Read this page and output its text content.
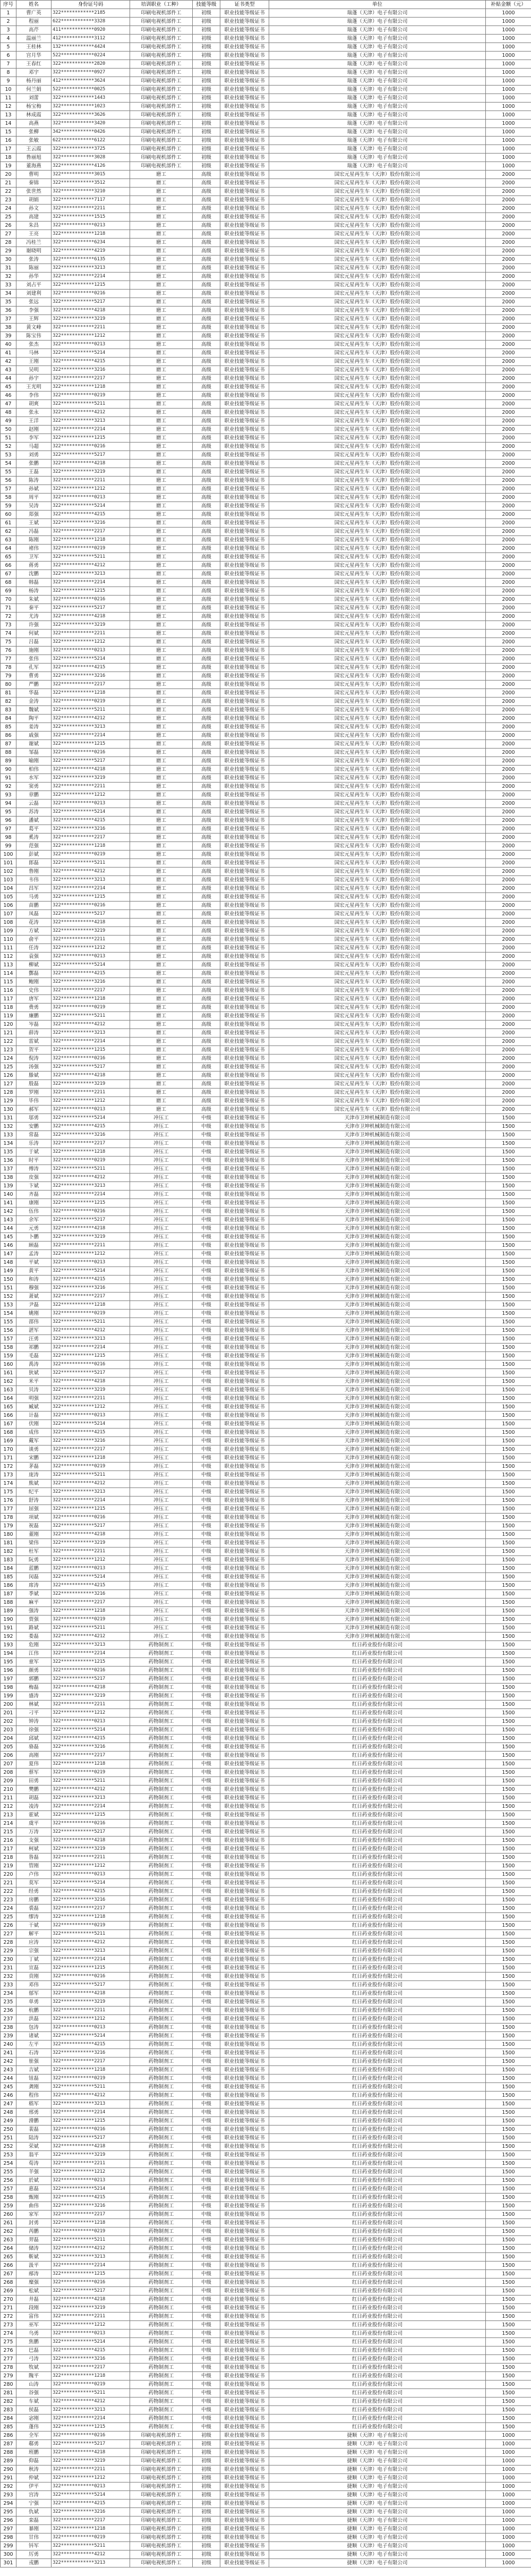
序号	姓名	身份证号码	培训职业（工种）	技能等级	证书类型	单位	补贴金额（元）
1	曹广英	322************2185	印刷电视机部件工	初级	职业技能等级证书	瑞蓬（天津）电子有限公司	1000
2	程丽	622************3328	印刷电视机部件工	初级	职业技能等级证书	瑞蓬（天津）电子有限公司	1000
3	高芹	411************0920	印刷电视机部件工	初级	职业技能等级证书	瑞蓬（天津）电子有限公司	1000
4	温丽兰	412************3112	印刷电视机部件工	初级	职业技能等级证书	瑞蓬（天津）电子有限公司	1000
5	王桂林	132************4424	印刷电视机部件工	初级	职业技能等级证书	瑞蓬（天津）电子有限公司	1000
6	宫月华	522************0224	印刷电视机部件工	初级	职业技能等级证书	瑞蓬（天津）电子有限公司	1000
7	王春红	322************2820	印刷电视机部件工	初级	职业技能等级证书	瑞蓬（天津）电子有限公司	1000
8	邓宇	322************0927	印刷电视机部件工	初级	职业技能等级证书	瑞蓬（天津）电子有限公司	1000
9	杨丹丽	412************3624	印刷电视机部件工	初级	职业技能等级证书	瑞蓬（天津）电子有限公司	1000
10	何兰娟	522************0025	印刷电视机部件工	初级	职业技能等级证书	瑞蓬（天津）电子有限公司	1000
11	刘蕾	322************1443	印刷电视机部件工	初级	职业技能等级证书	瑞蓬（天津）电子有限公司	1000
12	杨宝梅	322************1023	印刷电视机部件工	初级	职业技能等级证书	瑞蓬（天津）电子有限公司	1000
13	林成霞	322************3626	印刷电视机部件工	初级	职业技能等级证书	瑞蓬（天津）电子有限公司	1000
14	高燕	322************3420	印刷电视机部件工	初级	职业技能等级证书	瑞蓬（天津）电子有限公司	1000
15	张柳	342************0426	印刷电视机部件工	初级	职业技能等级证书	瑞蓬（天津）电子有限公司	1000
16	张敏	622************6122	印刷电视机部件工	初级	职业技能等级证书	瑞蓬（天津）电子有限公司	1000
17	王云霞	322************3725	印刷电视机部件工	初级	职业技能等级证书	瑞蓬（天津）电子有限公司	1000
18	鲁丽旭	322************3028	印刷电视机部件工	初级	职业技能等级证书	瑞蓬（天津）电子有限公司	1000
19	董海燕	322************4126	印刷电视机部件工	初级	职业技能等级证书	瑞蓬（天津）电子有限公司	1000
20	曹明	322************3015	磨工	高级	职业技能等级证书	国宏元星再生车（天津）股份有限公司	2000
21	秦锦	322************3512	磨工	高级	职业技能等级证书	国宏元星再生车（天津）股份有限公司	2000
22	张世然	322************3210	磨工	高级	职业技能等级证书	国宏元星再生车（天津）股份有限公司	2000
23	胡娟	322************7117	磨工	高级	职业技能等级证书	国宏元星再生车（天津）股份有限公司	2000
24	孙文	322************2211	磨工	高级	职业技能等级证书	国宏元星再生车（天津）股份有限公司	2000
25	高建	322************1515	磨工	高级	职业技能等级证书	国宏元星再生车（天津）股份有限公司	2000
26	朱昌	322************0213	磨工	高级	职业技能等级证书	国宏元星再生车（天津）股份有限公司	2000
27	王亮	322************1218	磨工	高级	职业技能等级证书	国宏元星再生车（天津）股份有限公司	2000
28	冯桂兰	322************6234	磨工	高级	职业技能等级证书	国宏元星再生车（天津）股份有限公司	2000
29	谢晓明	322************4219	磨工	高级	职业技能等级证书	国宏元星再生车（天津）股份有限公司	2000
30	张涛	322************6135	磨工	高级	职业技能等级证书	国宏元星再生车（天津）股份有限公司	2000
31	陈丽	322************3213	磨工	高级	职业技能等级证书	国宏元星再生车（天津）股份有限公司	2000
32	孙华	322************2214	磨工	高级	职业技能等级证书	国宏元星再生车（天津）股份有限公司	2000
33	刘占平	322************1215	磨工	高级	职业技能等级证书	国宏元星再生车（天津）股份有限公司	2000
34	刘建利	322************0216	磨工	高级	职业技能等级证书	国宏元星再生车（天津）股份有限公司	2000
35	张远	322************5217	磨工	高级	职业技能等级证书	国宏元星再生车（天津）股份有限公司	2000
36	李强	322************4218	磨工	高级	职业技能等级证书	国宏元星再生车（天津）股份有限公司	2000
37	王辉	322************3219	磨工	高级	职业技能等级证书	国宏元星再生车（天津）股份有限公司	2000
38	黄文峰	322************2211	磨工	高级	职业技能等级证书	国宏元星再生车（天津）股份有限公司	2000
39	陈宝伟	322************1212	磨工	高级	职业技能等级证书	国宏元星再生车（天津）股份有限公司	2000
40	张杰	322************0213	磨工	高级	职业技能等级证书	国宏元星再生车（天津）股份有限公司	2000
41	马林	322************5214	磨工	高级	职业技能等级证书	国宏元星再生车（天津）股份有限公司	2000
42	王刚	322************4215	磨工	高级	职业技能等级证书	国宏元星再生车（天津）股份有限公司	2000
43	吴明	322************3216	磨工	高级	职业技能等级证书	国宏元星再生车（天津）股份有限公司	2000
44	孙宇	322************2217	磨工	高级	职业技能等级证书	国宏元星再生车（天津）股份有限公司	2000
45	王光明	322************1218	磨工	高级	职业技能等级证书	国宏元星再生车（天津）股份有限公司	2000
46	李伟	322************0219	磨工	高级	职业技能等级证书	国宏元星再生车（天津）股份有限公司	2000
47	胡爽	322************5211	磨工	高级	职业技能等级证书	国宏元星再生车（天津）股份有限公司	2000
48	张永	322************4212	磨工	高级	职业技能等级证书	国宏元星再生车（天津）股份有限公司	2000
49	王洋	322************3213	磨工	高级	职业技能等级证书	国宏元星再生车（天津）股份有限公司	2000
50	赵刚	322************2214	磨工	高级	职业技能等级证书	国宏元星再生车（天津）股份有限公司	2000
51	李军	322************1215	磨工	高级	职业技能等级证书	国宏元星再生车（天津）股份有限公司	2000
52	马超	322************0216	磨工	高级	职业技能等级证书	国宏元星再生车（天津）股份有限公司	2000
53	刘勇	322************5217	磨工	高级	职业技能等级证书	国宏元星再生车（天津）股份有限公司	2000
54	张鹏	322************4218	磨工	高级	职业技能等级证书	国宏元星再生车（天津）股份有限公司	2000
55	王磊	322************3219	磨工	高级	职业技能等级证书	国宏元星再生车（天津）股份有限公司	2000
56	陈涛	322************2211	磨工	高级	职业技能等级证书	国宏元星再生车（天津）股份有限公司	2000
57	孙斌	322************1212	磨工	高级	职业技能等级证书	国宏元星再生车（天津）股份有限公司	2000
58	周平	322************0213	磨工	高级	职业技能等级证书	国宏元星再生车（天津）股份有限公司	2000
59	吴涛	322************5214	磨工	高级	职业技能等级证书	国宏元星再生车（天津）股份有限公司	2000
60	郑强	322************4215	磨工	高级	职业技能等级证书	国宏元星再生车（天津）股份有限公司	2000
61	王斌	322************3216	磨工	高级	职业技能等级证书	国宏元星再生车（天津）股份有限公司	2000
62	冯磊	322************2217	磨工	高级	职业技能等级证书	国宏元星再生车（天津）股份有限公司	2000
63	陈刚	322************1218	磨工	高级	职业技能等级证书	国宏元星再生车（天津）股份有限公司	2000
64	褚伟	322************0219	磨工	高级	职业技能等级证书	国宏元星再生车（天津）股份有限公司	2000
65	卫军	322************5211	磨工	高级	职业技能等级证书	国宏元星再生车（天津）股份有限公司	2000
66	蒋勇	322************4212	磨工	高级	职业技能等级证书	国宏元星再生车（天津）股份有限公司	2000
67	沈鹏	322************3213	磨工	高级	职业技能等级证书	国宏元星再生车（天津）股份有限公司	2000
68	韩磊	322************2214	磨工	高级	职业技能等级证书	国宏元星再生车（天津）股份有限公司	2000
69	杨涛	322************1215	磨工	高级	职业技能等级证书	国宏元星再生车（天津）股份有限公司	2000
70	朱斌	322************0216	磨工	高级	职业技能等级证书	国宏元星再生车（天津）股份有限公司	2000
71	秦平	322************5217	磨工	高级	职业技能等级证书	国宏元星再生车（天津）股份有限公司	2000
72	尤涛	322************4218	磨工	高级	职业技能等级证书	国宏元星再生车（天津）股份有限公司	2000
73	许强	322************3219	磨工	高级	职业技能等级证书	国宏元星再生车（天津）股份有限公司	2000
74	何斌	322************2211	磨工	高级	职业技能等级证书	国宏元星再生车（天津）股份有限公司	2000
75	吕磊	322************1212	磨工	高级	职业技能等级证书	国宏元星再生车（天津）股份有限公司	2000
76	施刚	322************0213	磨工	高级	职业技能等级证书	国宏元星再生车（天津）股份有限公司	2000
77	张伟	322************5214	磨工	高级	职业技能等级证书	国宏元星再生车（天津）股份有限公司	2000
78	孔军	322************4215	磨工	高级	职业技能等级证书	国宏元星再生车（天津）股份有限公司	2000
79	曹勇	322************3216	磨工	高级	职业技能等级证书	国宏元星再生车（天津）股份有限公司	2000
80	严鹏	322************2217	磨工	高级	职业技能等级证书	国宏元星再生车（天津）股份有限公司	2000
81	华磊	322************1218	磨工	高级	职业技能等级证书	国宏元星再生车（天津）股份有限公司	2000
82	金涛	322************0219	磨工	高级	职业技能等级证书	国宏元星再生车（天津）股份有限公司	2000
83	魏斌	322************5211	磨工	高级	职业技能等级证书	国宏元星再生车（天津）股份有限公司	2000
84	陶平	322************4212	磨工	高级	职业技能等级证书	国宏元星再生车（天津）股份有限公司	2000
85	姜涛	322************3213	磨工	高级	职业技能等级证书	国宏元星再生车（天津）股份有限公司	2000
86	戚强	322************2214	磨工	高级	职业技能等级证书	国宏元星再生车（天津）股份有限公司	2000
87	谢斌	322************1215	磨工	高级	职业技能等级证书	国宏元星再生车（天津）股份有限公司	2000
88	邹磊	322************0216	磨工	高级	职业技能等级证书	国宏元星再生车（天津）股份有限公司	2000
89	喻刚	322************5217	磨工	高级	职业技能等级证书	国宏元星再生车（天津）股份有限公司	2000
90	柏伟	322************4218	磨工	高级	职业技能等级证书	国宏元星再生车（天津）股份有限公司	2000
91	水军	322************3219	磨工	高级	职业技能等级证书	国宏元星再生车（天津）股份有限公司	2000
92	窦勇	322************2211	磨工	高级	职业技能等级证书	国宏元星再生车（天津）股份有限公司	2000
93	章鹏	322************1212	磨工	高级	职业技能等级证书	国宏元星再生车（天津）股份有限公司	2000
94	云磊	322************0213	磨工	高级	职业技能等级证书	国宏元星再生车（天津）股份有限公司	2000
95	苏涛	322************5214	磨工	高级	职业技能等级证书	国宏元星再生车（天津）股份有限公司	2000
96	潘斌	322************4215	磨工	高级	职业技能等级证书	国宏元星再生车（天津）股份有限公司	2000
97	葛平	322************3216	磨工	高级	职业技能等级证书	国宏元星再生车（天津）股份有限公司	2000
98	奚涛	322************2217	磨工	高级	职业技能等级证书	国宏元星再生车（天津）股份有限公司	2000
99	范强	322************1218	磨工	高级	职业技能等级证书	国宏元星再生车（天津）股份有限公司	2000
100	彭斌	322************0219	磨工	高级	职业技能等级证书	国宏元星再生车（天津）股份有限公司	2000
101	郎磊	322************5211	磨工	高级	职业技能等级证书	国宏元星再生车（天津）股份有限公司	2000
102	鲁刚	322************4212	磨工	高级	职业技能等级证书	国宏元星再生车（天津）股份有限公司	2000
103	韦伟	322************3213	磨工	高级	职业技能等级证书	国宏元星再生车（天津）股份有限公司	2000
104	昌军	322************2214	磨工	高级	职业技能等级证书	国宏元星再生车（天津）股份有限公司	2000
105	马勇	322************1215	磨工	高级	职业技能等级证书	国宏元星再生车（天津）股份有限公司	2000
106	苗鹏	322************0216	磨工	高级	职业技能等级证书	国宏元星再生车（天津）股份有限公司	2000
107	凤磊	322************5217	磨工	高级	职业技能等级证书	国宏元星再生车（天津）股份有限公司	2000
108	花涛	322************4218	磨工	高级	职业技能等级证书	国宏元星再生车（天津）股份有限公司	2000
109	方斌	322************3219	磨工	高级	职业技能等级证书	国宏元星再生车（天津）股份有限公司	2000
110	俞平	322************2211	磨工	高级	职业技能等级证书	国宏元星再生车（天津）股份有限公司	2000
111	任涛	322************1212	磨工	高级	职业技能等级证书	国宏元星再生车（天津）股份有限公司	2000
112	袁强	322************0213	磨工	高级	职业技能等级证书	国宏元星再生车（天津）股份有限公司	2000
113	柳斌	322************5214	磨工	高级	职业技能等级证书	国宏元星再生车（天津）股份有限公司	2000
114	酆磊	322************4215	磨工	高级	职业技能等级证书	国宏元星再生车（天津）股份有限公司	2000
115	鲍刚	322************3216	磨工	高级	职业技能等级证书	国宏元星再生车（天津）股份有限公司	2000
116	史伟	322************2217	磨工	高级	职业技能等级证书	国宏元星再生车（天津）股份有限公司	2000
117	唐军	322************1218	磨工	高级	职业技能等级证书	国宏元星再生车（天津）股份有限公司	2000
118	费勇	322************0219	磨工	高级	职业技能等级证书	国宏元星再生车（天津）股份有限公司	2000
119	廉鹏	322************5211	磨工	高级	职业技能等级证书	国宏元星再生车（天津）股份有限公司	2000
120	岑磊	322************4212	磨工	高级	职业技能等级证书	国宏元星再生车（天津）股份有限公司	2000
121	薛涛	322************3213	磨工	高级	职业技能等级证书	国宏元星再生车（天津）股份有限公司	2000
122	雷斌	322************2214	磨工	高级	职业技能等级证书	国宏元星再生车（天津）股份有限公司	2000
123	贺平	322************1215	磨工	高级	职业技能等级证书	国宏元星再生车（天津）股份有限公司	2000
124	倪涛	322************0216	磨工	高级	职业技能等级证书	国宏元星再生车（天津）股份有限公司	2000
125	汤强	322************5217	磨工	高级	职业技能等级证书	国宏元星再生车（天津）股份有限公司	2000
126	滕斌	322************4218	磨工	高级	职业技能等级证书	国宏元星再生车（天津）股份有限公司	2000
127	殷磊	322************3219	磨工	高级	职业技能等级证书	国宏元星再生车（天津）股份有限公司	2000
128	罗刚	322************2211	磨工	高级	职业技能等级证书	国宏元星再生车（天津）股份有限公司	2000
129	毕伟	322************1212	磨工	高级	职业技能等级证书	国宏元星再生车（天津）股份有限公司	2000
130	郝军	322************0213	磨工	高级	职业技能等级证书	国宏元星再生车（天津）股份有限公司	2000
131	邬勇	322************5214	冲压工	中级	职业技能等级证书	天津市卫坤机械制造有限公司	1500
132	安鹏	322************4215	冲压工	中级	职业技能等级证书	天津市卫坤机械制造有限公司	1500
133	常磊	322************3216	冲压工	中级	职业技能等级证书	天津市卫坤机械制造有限公司	1500
134	乐涛	322************2217	冲压工	中级	职业技能等级证书	天津市卫坤机械制造有限公司	1500
135	于斌	322************1218	冲压工	中级	职业技能等级证书	天津市卫坤机械制造有限公司	1500
136	时平	322************0219	冲压工	中级	职业技能等级证书	天津市卫坤机械制造有限公司	1500
137	傅涛	322************5211	冲压工	中级	职业技能等级证书	天津市卫坤机械制造有限公司	1500
138	皮强	322************4212	冲压工	中级	职业技能等级证书	天津市卫坤机械制造有限公司	1500
139	卞斌	322************3213	冲压工	中级	职业技能等级证书	天津市卫坤机械制造有限公司	1500
140	齐磊	322************2214	冲压工	中级	职业技能等级证书	天津市卫坤机械制造有限公司	1500
141	康刚	322************1215	冲压工	中级	职业技能等级证书	天津市卫坤机械制造有限公司	1500
142	伍伟	322************0216	冲压工	中级	职业技能等级证书	天津市卫坤机械制造有限公司	1500
143	余军	322************5217	冲压工	中级	职业技能等级证书	天津市卫坤机械制造有限公司	1500
144	元勇	322************4218	冲压工	中级	职业技能等级证书	天津市卫坤机械制造有限公司	1500
145	卜鹏	322************3219	冲压工	中级	职业技能等级证书	天津市卫坤机械制造有限公司	1500
146	顾磊	322************2211	冲压工	中级	职业技能等级证书	天津市卫坤机械制造有限公司	1500
147	孟涛	322************1212	冲压工	中级	职业技能等级证书	天津市卫坤机械制造有限公司	1500
148	平斌	322************0213	冲压工	中级	职业技能等级证书	天津市卫坤机械制造有限公司	1500
149	黄平	322************5214	冲压工	中级	职业技能等级证书	天津市卫坤机械制造有限公司	1500
150	和涛	322************4215	冲压工	中级	职业技能等级证书	天津市卫坤机械制造有限公司	1500
151	穆强	322************3216	冲压工	中级	职业技能等级证书	天津市卫坤机械制造有限公司	1500
152	萧斌	322************2217	冲压工	中级	职业技能等级证书	天津市卫坤机械制造有限公司	1500
153	尹磊	322************1218	冲压工	中级	职业技能等级证书	天津市卫坤机械制造有限公司	1500
154	姚刚	322************0219	冲压工	中级	职业技能等级证书	天津市卫坤机械制造有限公司	1500
155	邵伟	322************5211	冲压工	中级	职业技能等级证书	天津市卫坤机械制造有限公司	1500
156	湛军	322************4212	冲压工	中级	职业技能等级证书	天津市卫坤机械制造有限公司	1500
157	汪勇	322************3213	冲压工	中级	职业技能等级证书	天津市卫坤机械制造有限公司	1500
158	祁鹏	322************2214	冲压工	中级	职业技能等级证书	天津市卫坤机械制造有限公司	1500
159	毛磊	322************1215	冲压工	中级	职业技能等级证书	天津市卫坤机械制造有限公司	1500
160	禹涛	322************0216	冲压工	中级	职业技能等级证书	天津市卫坤机械制造有限公司	1500
161	狄斌	322************5217	冲压工	中级	职业技能等级证书	天津市卫坤机械制造有限公司	1500
162	米平	322************4218	冲压工	中级	职业技能等级证书	天津市卫坤机械制造有限公司	1500
163	贝涛	322************3219	冲压工	中级	职业技能等级证书	天津市卫坤机械制造有限公司	1500
164	明强	322************2211	冲压工	中级	职业技能等级证书	天津市卫坤机械制造有限公司	1500
165	臧斌	322************1212	冲压工	中级	职业技能等级证书	天津市卫坤机械制造有限公司	1500
166	计磊	322************0213	冲压工	中级	职业技能等级证书	天津市卫坤机械制造有限公司	1500
167	伏刚	322************5214	冲压工	中级	职业技能等级证书	天津市卫坤机械制造有限公司	1500
168	成伟	322************4215	冲压工	中级	职业技能等级证书	天津市卫坤机械制造有限公司	1500
169	戴军	322************3216	冲压工	中级	职业技能等级证书	天津市卫坤机械制造有限公司	1500
170	谈勇	322************2217	冲压工	中级	职业技能等级证书	天津市卫坤机械制造有限公司	1500
171	宋鹏	322************1218	冲压工	中级	职业技能等级证书	天津市卫坤机械制造有限公司	1500
172	茅磊	322************0219	冲压工	中级	职业技能等级证书	天津市卫坤机械制造有限公司	1500
173	庞涛	322************5211	冲压工	中级	职业技能等级证书	天津市卫坤机械制造有限公司	1500
174	熊斌	322************4212	冲压工	中级	职业技能等级证书	天津市卫坤机械制造有限公司	1500
175	纪平	322************3213	冲压工	中级	职业技能等级证书	天津市卫坤机械制造有限公司	1500
176	舒涛	322************2214	冲压工	中级	职业技能等级证书	天津市卫坤机械制造有限公司	1500
177	屈强	322************1215	冲压工	中级	职业技能等级证书	天津市卫坤机械制造有限公司	1500
178	项斌	322************0216	冲压工	中级	职业技能等级证书	天津市卫坤机械制造有限公司	1500
179	祝磊	322************5217	冲压工	中级	职业技能等级证书	天津市卫坤机械制造有限公司	1500
180	董刚	322************4218	冲压工	中级	职业技能等级证书	天津市卫坤机械制造有限公司	1500
181	梁伟	322************3219	冲压工	中级	职业技能等级证书	天津市卫坤机械制造有限公司	1500
182	杜军	322************2211	冲压工	中级	职业技能等级证书	天津市卫坤机械制造有限公司	1500
183	阮勇	322************1212	冲压工	中级	职业技能等级证书	天津市卫坤机械制造有限公司	1500
184	蓝鹏	322************0213	冲压工	中级	职业技能等级证书	天津市卫坤机械制造有限公司	1500
185	闵磊	322************5214	冲压工	中级	职业技能等级证书	天津市卫坤机械制造有限公司	1500
186	席涛	322************4215	冲压工	中级	职业技能等级证书	天津市卫坤机械制造有限公司	1500
187	季斌	322************3216	冲压工	中级	职业技能等级证书	天津市卫坤机械制造有限公司	1500
188	麻平	322************2217	冲压工	中级	职业技能等级证书	天津市卫坤机械制造有限公司	1500
189	强涛	322************1218	冲压工	中级	职业技能等级证书	天津市卫坤机械制造有限公司	1500
190	贾强	322************0219	冲压工	中级	职业技能等级证书	天津市卫坤机械制造有限公司	1500
191	路斌	322************5211	冲压工	中级	职业技能等级证书	天津市卫坤机械制造有限公司	1500
192	娄磊	322************4212	冲压工	中级	职业技能等级证书	天津市卫坤机械制造有限公司	1500
193	危刚	322************3213	药物制剂工	中级	职业技能等级证书	红日药业股份有限公司	1500
194	江伟	322************2214	药物制剂工	中级	职业技能等级证书	红日药业股份有限公司	1500
195	童军	322************1215	药物制剂工	中级	职业技能等级证书	红日药业股份有限公司	1500
196	颜勇	322************0216	药物制剂工	中级	职业技能等级证书	红日药业股份有限公司	1500
197	郭鹏	322************5217	药物制剂工	中级	职业技能等级证书	红日药业股份有限公司	1500
198	梅磊	322************4218	药物制剂工	中级	职业技能等级证书	红日药业股份有限公司	1500
199	盛涛	322************3219	药物制剂工	中级	职业技能等级证书	红日药业股份有限公司	1500
200	林斌	322************2211	药物制剂工	中级	职业技能等级证书	红日药业股份有限公司	1500
201	刁平	322************1212	药物制剂工	中级	职业技能等级证书	红日药业股份有限公司	1500
202	钟涛	322************0213	药物制剂工	中级	职业技能等级证书	红日药业股份有限公司	1500
203	徐强	322************5214	药物制剂工	中级	职业技能等级证书	红日药业股份有限公司	1500
204	邱斌	322************4215	药物制剂工	中级	职业技能等级证书	红日药业股份有限公司	1500
205	骆磊	322************3216	药物制剂工	中级	职业技能等级证书	红日药业股份有限公司	1500
206	高刚	322************2217	药物制剂工	中级	职业技能等级证书	红日药业股份有限公司	1500
207	夏伟	322************1218	药物制剂工	中级	职业技能等级证书	红日药业股份有限公司	1500
208	蔡军	322************0219	药物制剂工	中级	职业技能等级证书	红日药业股份有限公司	1500
209	田勇	322************5211	药物制剂工	中级	职业技能等级证书	红日药业股份有限公司	1500
210	樊鹏	322************4212	药物制剂工	中级	职业技能等级证书	红日药业股份有限公司	1500
211	胡磊	322************3213	药物制剂工	中级	职业技能等级证书	红日药业股份有限公司	1500
212	凌涛	322************2214	药物制剂工	中级	职业技能等级证书	红日药业股份有限公司	1500
213	霍斌	322************1215	药物制剂工	中级	职业技能等级证书	红日药业股份有限公司	1500
214	虞平	322************0216	药物制剂工	中级	职业技能等级证书	红日药业股份有限公司	1500
215	万涛	322************5217	药物制剂工	中级	职业技能等级证书	红日药业股份有限公司	1500
216	支强	322************4218	药物制剂工	中级	职业技能等级证书	红日药业股份有限公司	1500
217	柯斌	322************3219	药物制剂工	中级	职业技能等级证书	红日药业股份有限公司	1500
218	昝磊	322************2211	药物制剂工	中级	职业技能等级证书	红日药业股份有限公司	1500
219	管刚	322************1212	药物制剂工	中级	职业技能等级证书	红日药业股份有限公司	1500
220	卢伟	322************0213	药物制剂工	中级	职业技能等级证书	红日药业股份有限公司	1500
221	莫军	322************5214	药物制剂工	中级	职业技能等级证书	红日药业股份有限公司	1500
222	经勇	322************4215	药物制剂工	中级	职业技能等级证书	红日药业股份有限公司	1500
223	房鹏	322************3216	药物制剂工	中级	职业技能等级证书	红日药业股份有限公司	1500
224	裘磊	322************2217	药物制剂工	中级	职业技能等级证书	红日药业股份有限公司	1500
225	缪涛	322************1218	药物制剂工	中级	职业技能等级证书	红日药业股份有限公司	1500
226	干斌	322************0219	药物制剂工	中级	职业技能等级证书	红日药业股份有限公司	1500
227	解平	322************5211	药物制剂工	中级	职业技能等级证书	红日药业股份有限公司	1500
228	应涛	322************4212	药物制剂工	中级	职业技能等级证书	红日药业股份有限公司	1500
229	宗强	322************3213	药物制剂工	中级	职业技能等级证书	红日药业股份有限公司	1500
230	丁斌	322************2214	药物制剂工	中级	职业技能等级证书	红日药业股份有限公司	1500
231	宣磊	322************1215	药物制剂工	中级	职业技能等级证书	红日药业股份有限公司	1500
232	贲刚	322************0216	药物制剂工	中级	职业技能等级证书	红日药业股份有限公司	1500
233	邓伟	322************5217	药物制剂工	中级	职业技能等级证书	红日药业股份有限公司	1500
234	郁军	322************4218	药物制剂工	中级	职业技能等级证书	红日药业股份有限公司	1500
235	单勇	322************3219	药物制剂工	中级	职业技能等级证书	红日药业股份有限公司	1500
236	杭鹏	322************2211	药物制剂工	中级	职业技能等级证书	红日药业股份有限公司	1500
237	洪磊	322************1212	药物制剂工	中级	职业技能等级证书	红日药业股份有限公司	1500
238	包涛	322************0213	药物制剂工	中级	职业技能等级证书	红日药业股份有限公司	1500
239	诸斌	322************5214	药物制剂工	中级	职业技能等级证书	红日药业股份有限公司	1500
240	左平	322************4215	药物制剂工	中级	职业技能等级证书	红日药业股份有限公司	1500
241	石涛	322************3216	药物制剂工	中级	职业技能等级证书	红日药业股份有限公司	1500
242	崔强	322************2217	药物制剂工	中级	职业技能等级证书	红日药业股份有限公司	1500
243	吉斌	322************1218	药物制剂工	中级	职业技能等级证书	红日药业股份有限公司	1500
244	钮磊	322************0219	药物制剂工	中级	职业技能等级证书	红日药业股份有限公司	1500
245	龚刚	322************5211	药物制剂工	中级	职业技能等级证书	红日药业股份有限公司	1500
246	程伟	322************4212	药物制剂工	中级	职业技能等级证书	红日药业股份有限公司	1500
247	嵇军	322************3213	药物制剂工	中级	职业技能等级证书	红日药业股份有限公司	1500
248	邢勇	322************2214	药物制剂工	中级	职业技能等级证书	红日药业股份有限公司	1500
249	滑鹏	322************1215	药物制剂工	中级	职业技能等级证书	红日药业股份有限公司	1500
250	裴磊	322************0216	药物制剂工	中级	职业技能等级证书	红日药业股份有限公司	1500
251	陆涛	322************5217	药物制剂工	中级	职业技能等级证书	红日药业股份有限公司	1500
252	荣斌	322************4218	药物制剂工	中级	职业技能等级证书	红日药业股份有限公司	1500
253	翁平	322************3219	药物制剂工	中级	职业技能等级证书	红日药业股份有限公司	1500
254	荀涛	322************2211	药物制剂工	中级	职业技能等级证书	红日药业股份有限公司	1500
255	羊强	322************1212	药物制剂工	中级	职业技能等级证书	红日药业股份有限公司	1500
256	於斌	322************0213	药物制剂工	中级	职业技能等级证书	红日药业股份有限公司	1500
257	惠磊	322************5214	药物制剂工	中级	职业技能等级证书	红日药业股份有限公司	1500
258	甄刚	322************4215	药物制剂工	中级	职业技能等级证书	红日药业股份有限公司	1500
259	曲伟	322************3216	药物制剂工	中级	职业技能等级证书	红日药业股份有限公司	1500
260	家军	322************2217	药物制剂工	中级	职业技能等级证书	红日药业股份有限公司	1500
261	封勇	322************1218	药物制剂工	中级	职业技能等级证书	红日药业股份有限公司	1500
262	芮鹏	322************0219	药物制剂工	中级	职业技能等级证书	红日药业股份有限公司	1500
263	羿磊	322************5211	药物制剂工	中级	职业技能等级证书	红日药业股份有限公司	1500
264	储涛	322************4212	药物制剂工	中级	职业技能等级证书	红日药业股份有限公司	1500
265	靳斌	322************3213	药物制剂工	中级	职业技能等级证书	红日药业股份有限公司	1500
266	汲平	322************2214	药物制剂工	中级	职业技能等级证书	红日药业股份有限公司	1500
267	邴涛	322************1215	药物制剂工	中级	职业技能等级证书	红日药业股份有限公司	1500
268	糜强	322************0216	药物制剂工	中级	职业技能等级证书	红日药业股份有限公司	1500
269	松斌	322************5217	药物制剂工	中级	职业技能等级证书	红日药业股份有限公司	1500
270	井磊	322************4218	药物制剂工	中级	职业技能等级证书	红日药业股份有限公司	1500
271	段刚	322************3219	药物制剂工	中级	职业技能等级证书	红日药业股份有限公司	1500
272	富伟	322************2211	药物制剂工	中级	职业技能等级证书	红日药业股份有限公司	1500
273	巫军	322************1212	药物制剂工	中级	职业技能等级证书	红日药业股份有限公司	1500
274	乌勇	322************0213	药物制剂工	中级	职业技能等级证书	红日药业股份有限公司	1500
275	焦鹏	322************5214	药物制剂工	中级	职业技能等级证书	红日药业股份有限公司	1500
276	巴磊	322************4215	药物制剂工	中级	职业技能等级证书	红日药业股份有限公司	1500
277	弓涛	322************3216	药物制剂工	中级	职业技能等级证书	红日药业股份有限公司	1500
278	牧斌	322************2217	药物制剂工	中级	职业技能等级证书	红日药业股份有限公司	1500
279	隗平	322************1218	药物制剂工	中级	职业技能等级证书	红日药业股份有限公司	1500
280	山涛	322************0219	药物制剂工	中级	职业技能等级证书	红日药业股份有限公司	1500
281	谷强	322************5211	药物制剂工	中级	职业技能等级证书	红日药业股份有限公司	1500
282	车斌	322************4212	药物制剂工	中级	职业技能等级证书	红日药业股份有限公司	1500
283	侯磊	322************3213	药物制剂工	中级	职业技能等级证书	红日药业股份有限公司	1500
284	宓刚	322************2214	药物制剂工	中级	职业技能等级证书	红日药业股份有限公司	1500
285	蓬伟	322************1215	药物制剂工	中级	职业技能等级证书	红日药业股份有限公司	1500
286	全军	322************0216	印刷电视机部件工	初级	职业技能等级证书	捷顺（天津）电子有限公司	1000
287	郗勇	322************5217	印刷电视机部件工	初级	职业技能等级证书	捷顺（天津）电子有限公司	1000
288	班鹏	322************4218	印刷电视机部件工	初级	职业技能等级证书	捷顺（天津）电子有限公司	1000
289	仰磊	322************3219	印刷电视机部件工	初级	职业技能等级证书	捷顺（天津）电子有限公司	1000
290	秋涛	322************2211	印刷电视机部件工	初级	职业技能等级证书	捷顺（天津）电子有限公司	1000
291	仲斌	322************1212	印刷电视机部件工	初级	职业技能等级证书	捷顺（天津）电子有限公司	1000
292	伊平	322************0213	印刷电视机部件工	初级	职业技能等级证书	捷顺（天津）电子有限公司	1000
293	宫涛	322************5214	印刷电视机部件工	初级	职业技能等级证书	捷顺（天津）电子有限公司	1000
294	宁强	322************4215	印刷电视机部件工	初级	职业技能等级证书	捷顺（天津）电子有限公司	1000
295	仇斌	322************3216	印刷电视机部件工	初级	职业技能等级证书	捷顺（天津）电子有限公司	1000
296	栾磊	322************2217	印刷电视机部件工	初级	职业技能等级证书	捷顺（天津）电子有限公司	1000
297	暴刚	322************1218	印刷电视机部件工	初级	职业技能等级证书	捷顺（天津）电子有限公司	1000
298	甘伟	322************0219	印刷电视机部件工	初级	职业技能等级证书	捷顺（天津）电子有限公司	1000
299	钭军	322************5211	印刷电视机部件工	初级	职业技能等级证书	捷顺（天津）电子有限公司	1000
300	厉勇	322************4212	印刷电视机部件工	初级	职业技能等级证书	捷顺（天津）电子有限公司	1000
301	戎鹏	322************3213	印刷电视机部件工	初级	职业技能等级证书	捷顺（天津）电子有限公司	1000
